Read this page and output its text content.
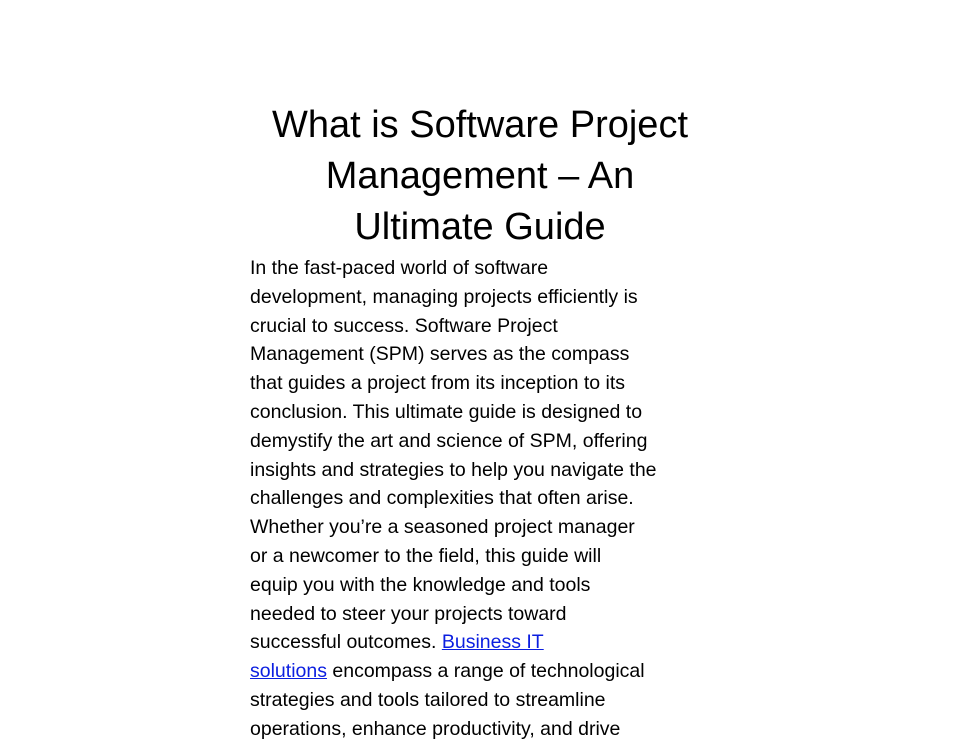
What is Software Project
Management – An
Ultimate Guide
In the fast-paced world of software
development, managing projects efficiently is
crucial to success. Software Project
Management (SPM) serves as the compass
that guides a project from its inception to its
conclusion. This ultimate guide is designed to
demystify the art and science of SPM, offering
insights and strategies to help you navigate the
challenges and complexities that often arise.
Whether you’re a seasoned project manager
or a newcomer to the field, this guide will
equip you with the knowledge and tools
needed to steer your projects toward
successful outcomes. Business IT
solutions encompass a range of technological
strategies and tools tailored to streamline
operations, enhance productivity, and drive
